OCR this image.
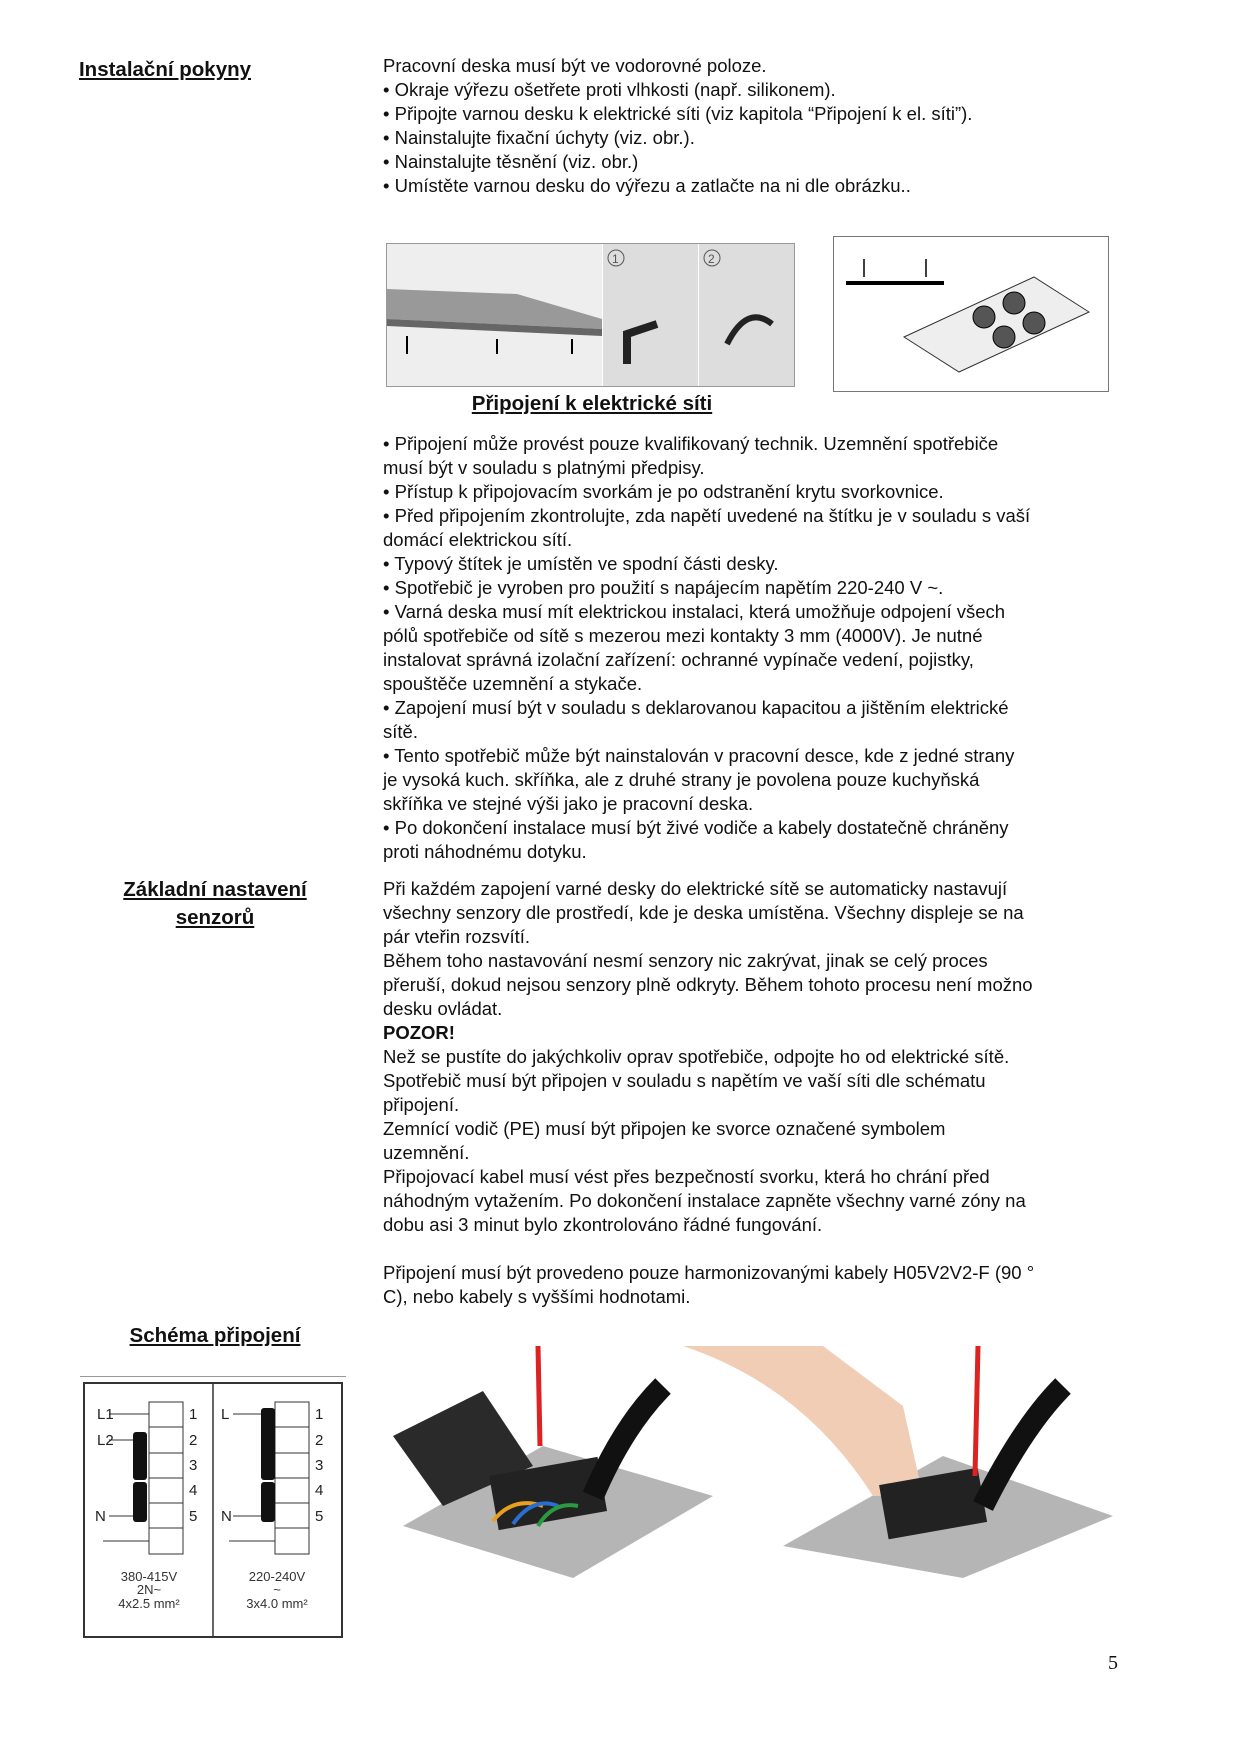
Instalační pokyny	Pracovní deska musí být ve vodorovné poloze.
• Okraje výřezu ošetřete proti vlhkosti (např. silikonem).
• Připojte varnou desku k elektrické síti (viz kapitola “Připojení k el. síti”).
• Nainstalujte fixační úchyty (viz. obr.).
• Nainstalujte těsnění (viz. obr.)
• Umístěte varnou desku do výřezu a zatlačte na ni dle obrázku..
1	2
Připojení k elektrické síti
• Připojení může provést pouze kvalifikovaný technik. Uzemnění spotřebiče
musí být v souladu s platnými předpisy.
• Přístup k připojovacím svorkám je po odstranění krytu svorkovnice.
• Před připojením zkontrolujte, zda napětí uvedené na štítku je v souladu s vaší
domácí elektrickou sítí.
• Typový štítek je umístěn ve spodní části desky.
• Spotřebič je vyroben pro použití s napájecím napětím 220-240 V ~.
• Varná deska musí mít elektrickou instalaci, která umožňuje odpojení všech
pólů spotřebiče od sítě s mezerou mezi kontakty 3 mm (4000V). Je nutné
instalovat správná izolační zařízení: ochranné vypínače vedení, pojistky,
spouštěče uzemnění a stykače.
• Zapojení musí být v souladu s deklarovanou kapacitou a jištěním elektrické
sítě.
• Tento spotřebič může být nainstalován v pracovní desce, kde z jedné strany
je vysoká kuch. skříňka, ale z druhé strany je povolena pouze kuchyňská
skříňka ve stejné výši jako je pracovní deska.
• Po dokončení instalace musí být živé vodiče a kabely dostatečně chráněny
proti náhodnému dotyku.
Základní nastavení
senzorů
Při každém zapojení varné desky do elektrické sítě se automaticky nastavují
všechny senzory dle prostředí, kde je deska umístěna. Všechny displeje se na
pár vteřin rozsvítí.
Během toho nastavování nesmí senzory nic zakrývat, jinak se celý proces
přeruší, dokud nejsou senzory plně odkryty. Během tohoto procesu není možno
desku ovládat.
POZOR!
Než se pustíte do jakýchkoliv oprav spotřebiče, odpojte ho od elektrické sítě.
Spotřebič musí být připojen v souladu s napětím ve vaší síti dle schématu
připojení.
Zemnící vodič (PE) musí být připojen ke svorce označené symbolem
uzemnění.
Připojovací kabel musí vést přes bezpečností svorku, která ho chrání před
náhodným vytažením. Po dokončení instalace zapněte všechny varné zóny na
dobu asi 3 minut bylo zkontrolováno řádné fungování.
Připojení musí být provedeno pouze harmonizovanými kabely H05V2V2-F (90 °
C), nebo kabely s vyššími hodnotami.
Schéma připojení
L1
L2
N
L
N
1
2
3
4
5
1
2
3
4
5
380-415V
2N~
4x2.5 mm²
220-240V
~
3x4.0 mm²
5
